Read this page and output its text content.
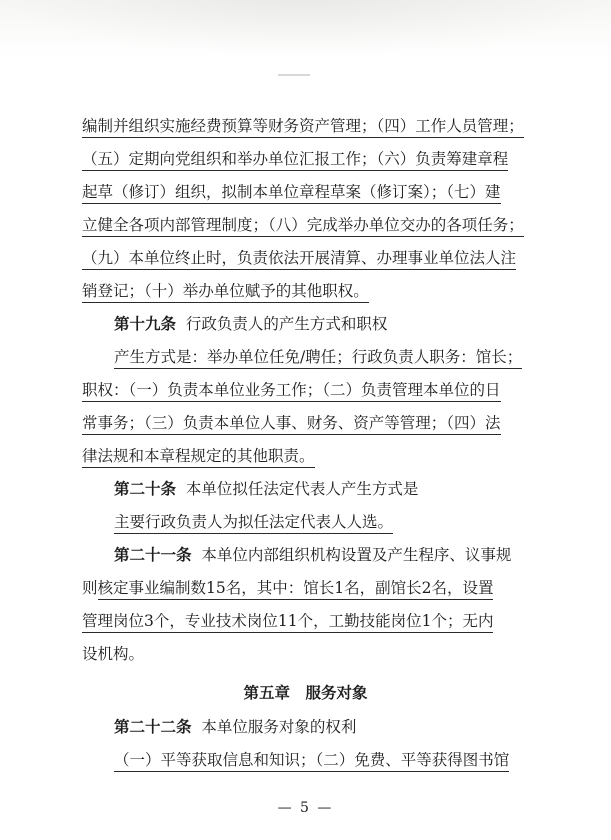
编制并组织实施经费预算等财务资产管理；（四）工作人员管理；
（五）定期向党组织和举办单位汇报工作；（六）负责筹建章程
起草（修订）组织，拟制本单位章程草案（修订案）；（七）建
立健全各项内部管理制度；（八）完成举办单位交办的各项任务；
（九）本单位终止时，负责依法开展清算、办理事业单位法人注
销登记；（十）举办单位赋予的其他职权。
第十九条 行政负责人的产生方式和职权
产生方式是：举办单位任免/聘任；行政负责人职务：馆长；
职权：（一）负责本单位业务工作；（二）负责管理本单位的日
常事务；（三）负责本单位人事、财务、资产等管理；（四）法
律法规和本章程规定的其他职责。
第二十条 本单位拟任法定代表人产生方式是
主要行政负责人为拟任法定代表人人选。
第二十一条 本单位内部组织机构设置及产生程序、议事规
则核定事业编制数15名，其中：馆长1名，副馆长2名，设置
管理岗位3个，专业技术岗位11个，工勤技能岗位1个；无内
设机构。
第五章　服务对象
第二十二条 本单位服务对象的权利
（一）平等获取信息和知识；（二）免费、平等获得图书馆
— 5 —
